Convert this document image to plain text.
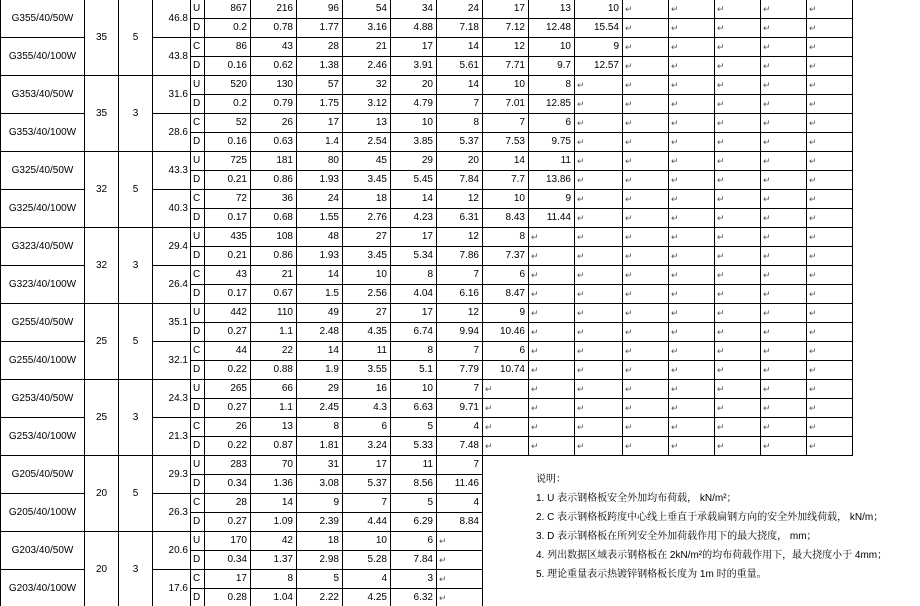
G355/40/50W	35	5	46.8	U	867	216	96	54	34	24	17	13	10	↵	↵	↵	↵	↵
				D	0.2	0.78	1.77	3.16	4.88	7.18	7.12	12.48	15.54	↵	↵	↵	↵	↵
G355/40/100W			43.8	C	86	43	28	21	17	14	12	10	9	↵	↵	↵	↵	↵
				D	0.16	0.62	1.38	2.46	3.91	5.61	7.71	9.7	12.57	↵	↵	↵	↵	↵
G353/40/50W	35	3	31.6	U	520	130	57	32	20	14	10	8	↵	↵	↵	↵	↵	↵
				D	0.2	0.79	1.75	3.12	4.79	7	7.01	12.85	↵	↵	↵	↵	↵	↵
G353/40/100W			28.6	C	52	26	17	13	10	8	7	6	↵	↵	↵	↵	↵	↵
				D	0.16	0.63	1.4	2.54	3.85	5.37	7.53	9.75	↵	↵	↵	↵	↵	↵
G325/40/50W	32	5	43.3	U	725	181	80	45	29	20	14	11	↵	↵	↵	↵	↵	↵
				D	0.21	0.86	1.93	3.45	5.45	7.84	7.7	13.86	↵	↵	↵	↵	↵	↵
G325/40/100W			40.3	C	72	36	24	18	14	12	10	9	↵	↵	↵	↵	↵	↵
				D	0.17	0.68	1.55	2.76	4.23	6.31	8.43	11.44	↵	↵	↵	↵	↵	↵
G323/40/50W	32	3	29.4	U	435	108	48	27	17	12	8	↵	↵	↵	↵	↵	↵	↵
				D	0.21	0.86	1.93	3.45	5.34	7.86	7.37	↵	↵	↵	↵	↵	↵	↵
G323/40/100W			26.4	C	43	21	14	10	8	7	6	↵	↵	↵	↵	↵	↵	↵
				D	0.17	0.67	1.5	2.56	4.04	6.16	8.47	↵	↵	↵	↵	↵	↵	↵
G255/40/50W	25	5	35.1	U	442	110	49	27	17	12	9	↵	↵	↵	↵	↵	↵	↵
				D	0.27	1.1	2.48	4.35	6.74	9.94	10.46	↵	↵	↵	↵	↵	↵	↵
G255/40/100W			32.1	C	44	22	14	11	8	7	6	↵	↵	↵	↵	↵	↵	↵
				D	0.22	0.88	1.9	3.55	5.1	7.79	10.74	↵	↵	↵	↵	↵	↵	↵
G253/40/50W	25	3	24.3	U	265	66	29	16	10	7	↵	↵	↵	↵	↵	↵	↵	↵
				D	0.27	1.1	2.45	4.3	6.63	9.71	↵	↵	↵	↵	↵	↵	↵	↵
G253/40/100W			21.3	C	26	13	8	6	5	4	↵	↵	↵	↵	↵	↵	↵	↵
				D	0.22	0.87	1.81	3.24	5.33	7.48	↵	↵	↵	↵	↵	↵	↵	↵
G205/40/50W	20	5	29.3	U	283	70	31	17	11	7								
				D	0.34	1.36	3.08	5.37	8.56	11.46								
G205/40/100W			26.3	C	28	14	9	7	5	4								
				D	0.27	1.09	2.39	4.44	6.29	8.84								
G203/40/50W	20	3	20.6	U	170	42	18	10	6	↵								
				D	0.34	1.37	2.98	5.28	7.84	↵								
G203/40/100W			17.6	C	17	8	5	4	3	↵								
				D	0.28	1.04	2.22	4.25	6.32	↵								
说明：
1. U 表示钢格板安全外加均布荷载， kN/m²；
2. C 表示钢格板跨度中心线上垂直于承载扁钢方向的安全外加线荷载， kN/m；
3. D 表示钢格板在所列安全外加荷载作用下的最大挠度， mm；
4. 列出数据区域表示钢格板在 2kN/m²的均布荷载作用下，最大挠度小于 4mm；
5. 理论重量表示热镀锌钢格板长度为 1m 时的重量。
